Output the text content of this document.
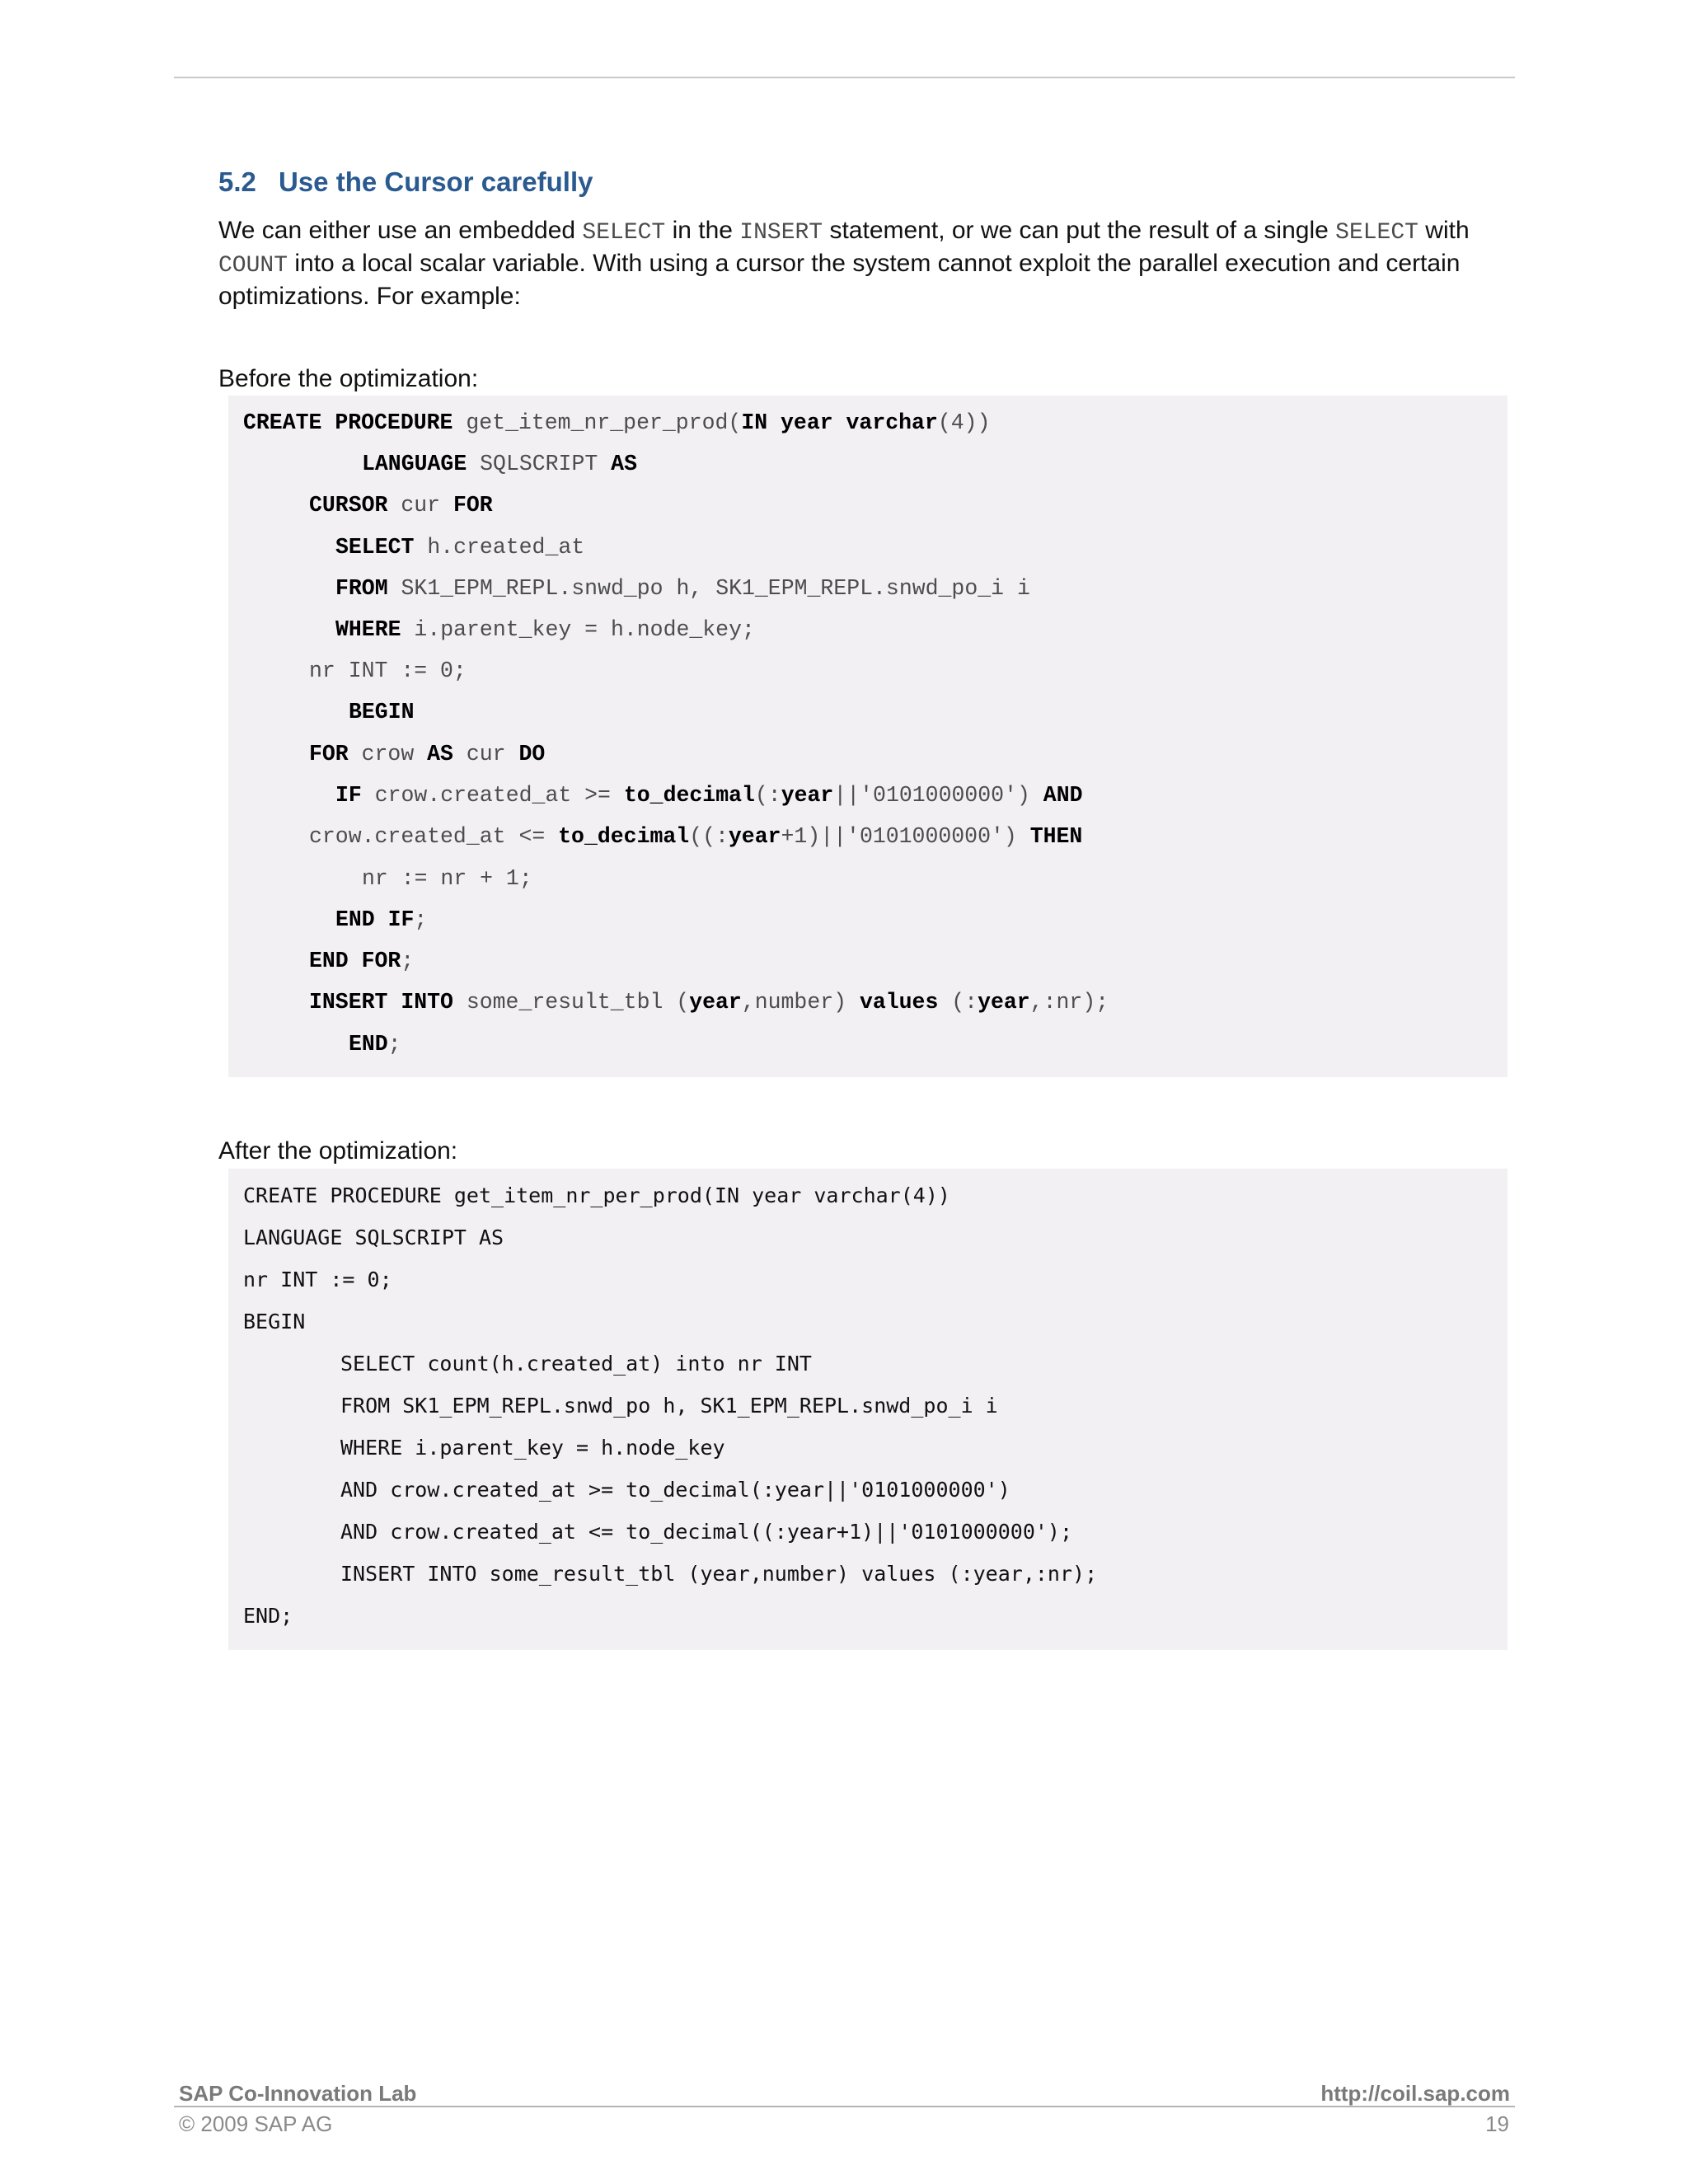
5.2 Use the Cursor carefully
We can either use an embedded SELECT in the INSERT statement, or we can put the result of a single SELECT with COUNT into a local scalar variable. With using a cursor the system cannot exploit the parallel execution and certain optimizations. For example:
Before the optimization:
CREATE PROCEDURE get_item_nr_per_prod(IN year varchar(4))
LANGUAGE SQLSCRIPT AS
CURSOR cur FOR
SELECT h.created_at
FROM SK1_EPM_REPL.snwd_po h, SK1_EPM_REPL.snwd_po_i i
WHERE i.parent_key = h.node_key;
nr INT := 0;
BEGIN
FOR crow AS cur DO
IF crow.created_at >= to_decimal(:year||'0101000000') AND
crow.created_at <= to_decimal((:year+1)||'0101000000') THEN
nr := nr + 1;
END IF;
END FOR;
INSERT INTO some_result_tbl (year,number) values (:year,:nr);
END;
After the optimization:
CREATE PROCEDURE get_item_nr_per_prod(IN year varchar(4))
LANGUAGE SQLSCRIPT AS
nr INT := 0;
BEGIN
SELECT count(h.created_at) into nr INT
FROM SK1_EPM_REPL.snwd_po h, SK1_EPM_REPL.snwd_po_i i
WHERE i.parent_key = h.node_key
AND crow.created_at >= to_decimal(:year||'0101000000')
AND crow.created_at <= to_decimal((:year+1)||'0101000000');
INSERT INTO some_result_tbl (year,number) values (:year,:nr);
END;
SAP Co-Innovation Lab	http://coil.sap.com
© 2009 SAP AG	19
